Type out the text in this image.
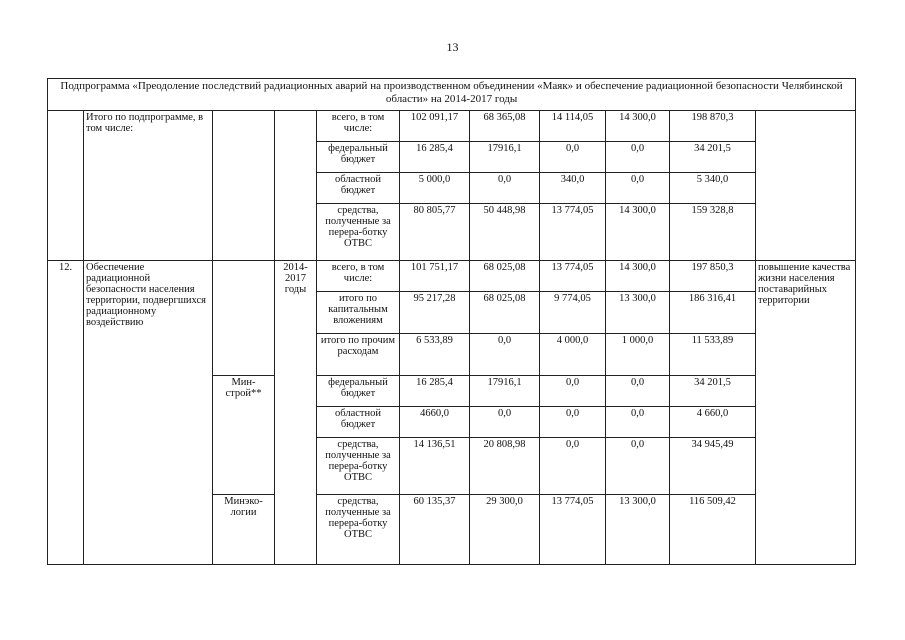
13
Подпрограмма «Преодоление последствий радиационных аварий на производственном объединении «Маяк» и обеспечение радиационной безопасности Челябинской области» на 2014-2017 годы										
	Итого по подпрограмме, в том числе:			всего, в том числе:	102 091,17	68 365,08	14 114,05	14 300,0	198 870,3	
				федеральный бюджет	16 285,4	17916,1	0,0	0,0	34 201,5	
				областной бюджет	5 000,0	0,0	340,0	0,0	5 340,0	
				средства, полученные за перера-ботку ОТВС	80 805,77	50 448,98	13 774,05	14 300,0	159 328,8	
12.	Обеспечение радиационной безопасности населения территории, подвергшихся радиационному воздействию		2014-2017 годы	всего, в том числе:	101 751,17	68 025,08	13 774,05	14 300,0	197 850,3	повышение качества жизни населения поставарийных территории
				итого по капитальным вложениям	95 217,28	68 025,08	9 774,05	13 300,0	186 316,41	
				итого по прочим расходам	6 533,89	0,0	4 000,0	1 000,0	11 533,89	
		Мин-строй**		федеральный бюджет	16 285,4	17916,1	0,0	0,0	34 201,5	
				областной бюджет	4660,0	0,0	0,0	0,0	4 660,0	
				средства, полученные за перера-ботку ОТВС	14 136,51	20 808,98	0,0	0,0	34 945,49	
		Минэко-логии		средства, полученные за перера-ботку ОТВС	60 135,37	29 300,0	13 774,05	13 300,0	116 509,42	
